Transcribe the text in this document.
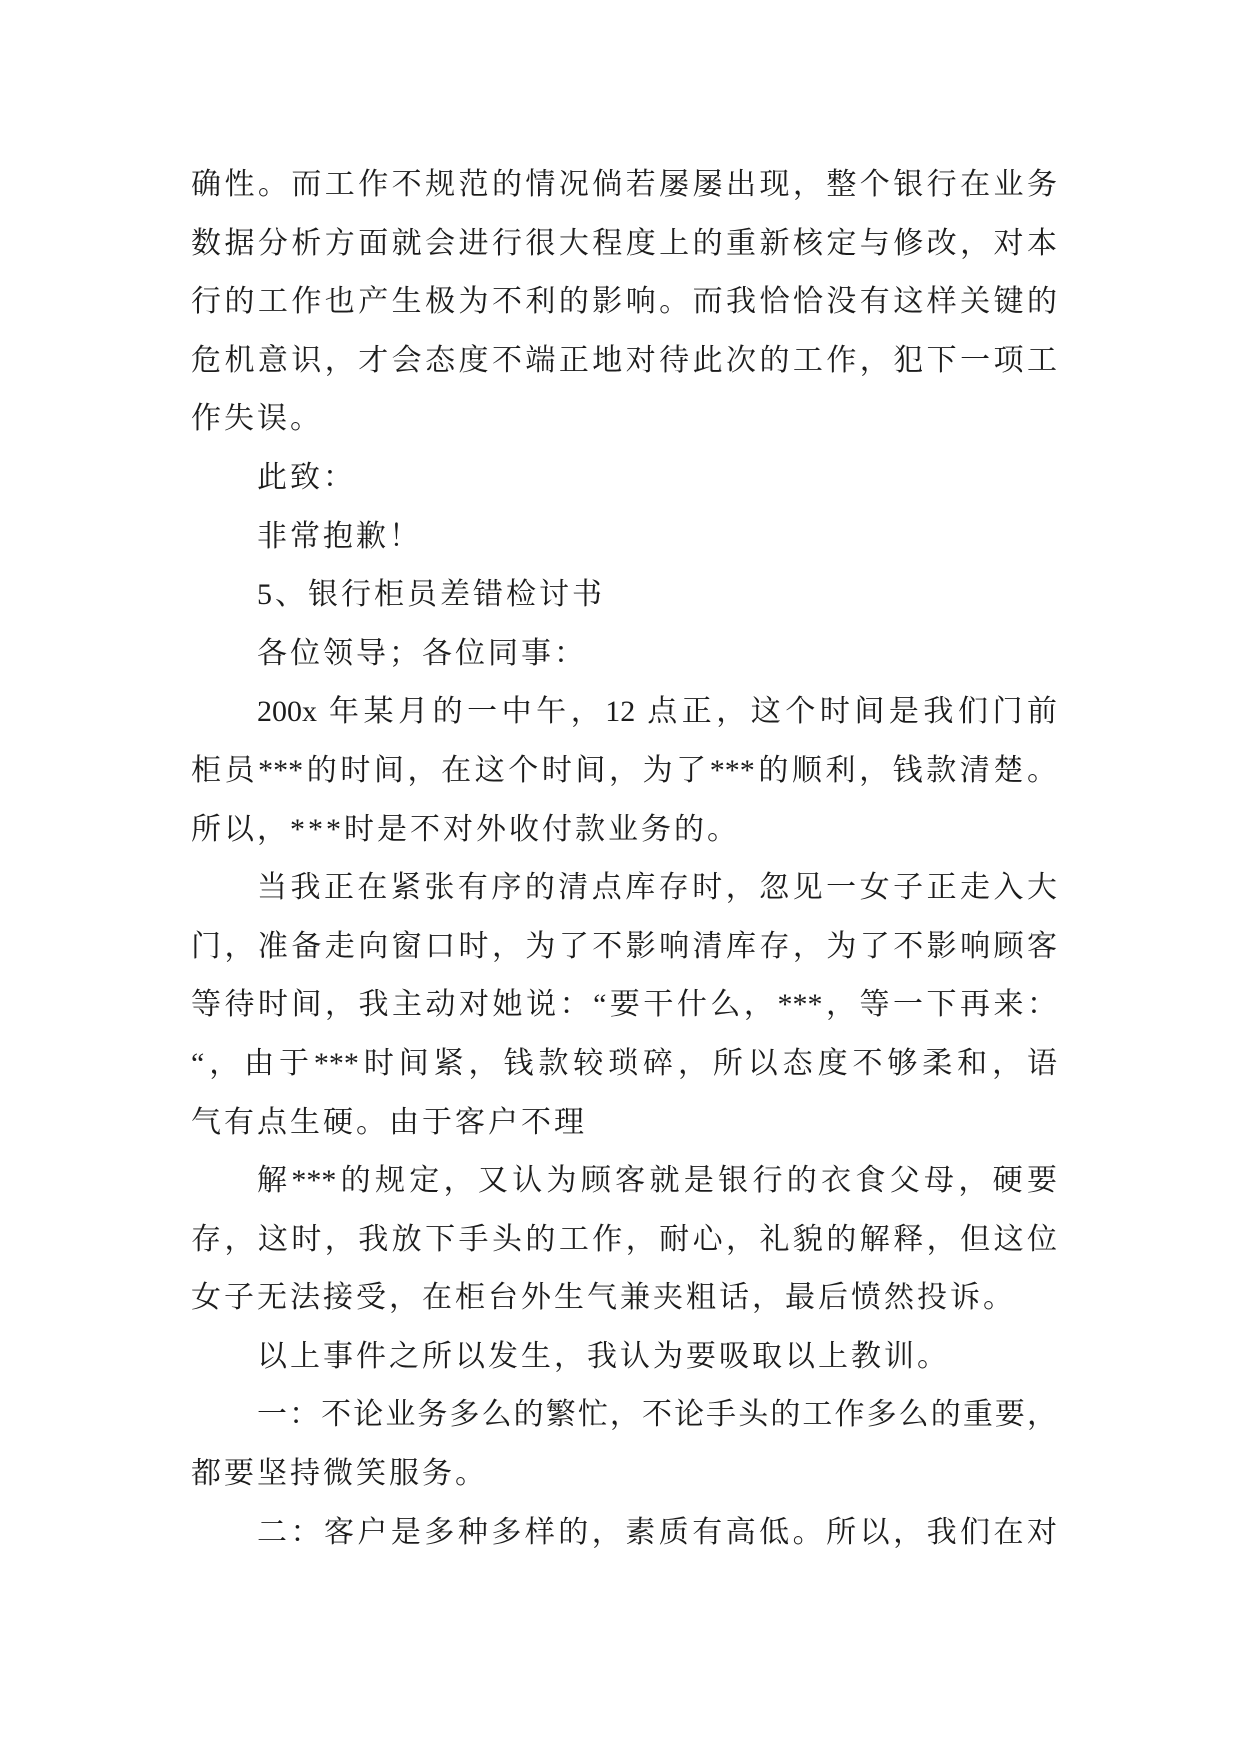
确性。而工作不规范的情况倘若屡屡出现，整个银行在业务
数据分析方面就会进行很大程度上的重新核定与修改，对本
行的工作也产生极为不利的影响。而我恰恰没有这样关键的
危机意识，才会态度不端正地对待此次的工作，犯下一项工
作失误。
此致：
非常抱歉！
5、银行柜员差错检讨书
各位领导；各位同事：
200x 年某月的一中午，12 点正，这个时间是我们门前
柜员***的时间，在这个时间，为了***的顺利，钱款清楚。
所以，***时是不对外收付款业务的。
当我正在紧张有序的清点库存时，忽见一女子正走入大
门，准备走向窗口时，为了不影响清库存，为了不影响顾客
等待时间，我主动对她说：“要干什么，***，等一下再来：
“，由于***时间紧，钱款较琐碎，所以态度不够柔和，语
气有点生硬。由于客户不理
解***的规定，又认为顾客就是银行的衣食父母，硬要
存，这时，我放下手头的工作，耐心，礼貌的解释，但这位
女子无法接受，在柜台外生气兼夹粗话，最后愤然投诉。
以上事件之所以发生，我认为要吸取以上教训。
一：不论业务多么的繁忙，不论手头的工作多么的重要，
都要坚持微笑服务。
二：客户是多种多样的，素质有高低。所以，我们在对
